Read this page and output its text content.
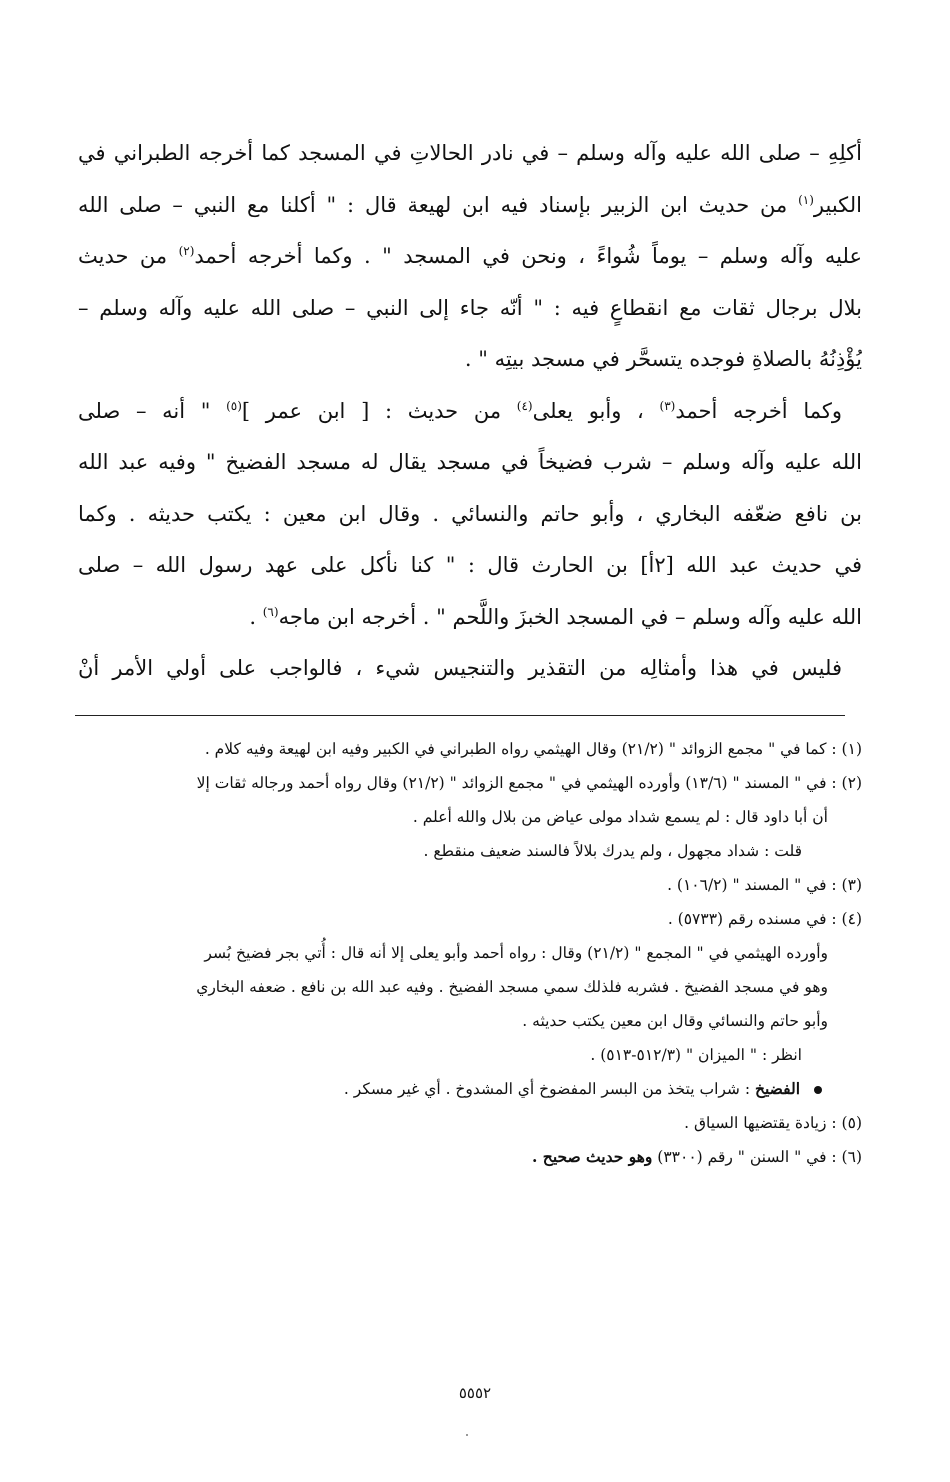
أكلِهِ – صلى الله عليه وآله وسلم – في نادر الحالاتِ في المسجد كما أخرجه الطبراني في
الكبير$^{(١)}$ من حديث ابن الزبير بإسناد فيه ابن لهيعة قال : " أكلنا مع النبي – صلى الله
عليه وآله وسلم – يوماً شُواءً ، ونحن في المسجد " . وكما أخرجه أحمد$^{(٢)}$ من حديث
بلال برجال ثقات مع انقطاعٍ فيه : " أنّه جاء إلى النبي – صلى الله عليه وآله وسلم –
يُؤْذِنُهُ بالصلاةِ فوجده يتسحَّر في مسجد بيتِه " .
وكما أخرجه أحمد$^{(٣)}$ ، وأبو يعلى$^{(٤)}$ من حديث : [ ابن عمر ]$^{(٥)}$ " أنه – صلى
الله عليه وآله وسلم – شرب فضيخاً في مسجد يقال له مسجد الفضيخ " وفيه عبد الله
بن نافع ضعّفه البخاري ، وأبو حاتم والنسائي . وقال ابن معين : يكتب حديثه . وكما
في حديث عبد الله [٢أ] بن الحارث قال : " كنا نأكل على عهد رسول الله – صلى
الله عليه وآله وسلم – في المسجد الخبزَ واللَّحم " . أخرجه ابن ماجه$^{(٦)}$ .
فليس في هذا وأمثالِه من التقذير والتنجيس شيء ، فالواجب على أولي الأمر أنْ
(١) : كما في " مجمع الزوائد " (٢١/٢) وقال الهيثمي رواه الطبراني في الكبير وفيه ابن لهيعة وفيه كلام .
(٢) : في " المسند " (١٣/٦) وأورده الهيثمي في " مجمع الزوائد " (٢١/٢) وقال رواه أحمد ورجاله ثقات إلا
أن أبا داود قال : لم يسمع شداد مولى عياض من بلال والله أعلم .
قلت : شداد مجهول ، ولم يدرك بلالاً فالسند ضعيف منقطع .
(٣) : في " المسند " (١٠٦/٢) .
(٤) : في مسنده رقم (٥٧٣٣) .
وأورده الهيثمي في " المجمع " (٢١/٢) وقال : رواه أحمد وأبو يعلى إلا أنه قال : أُتي بجر فضيخ بُسر
وهو في مسجد الفضيخ . فشربه فلذلك سمي مسجد الفضيخ . وفيه عبد الله بن نافع . ضعفه البخاري
وأبو حاتم والنسائي وقال ابن معين يكتب حديثه .
انظر : " الميزان " (٥١٢/٣-٥١٣) .
الفضيخ : شراب يتخذ من البسر المفضوخ أي المشدوخ . أي غير مسكر .
(٥) : زيادة يقتضيها السياق .
(٦) : في " السنن " رقم (٣٣٠٠) وهو حديث صحيح .
٥٥٥٢
